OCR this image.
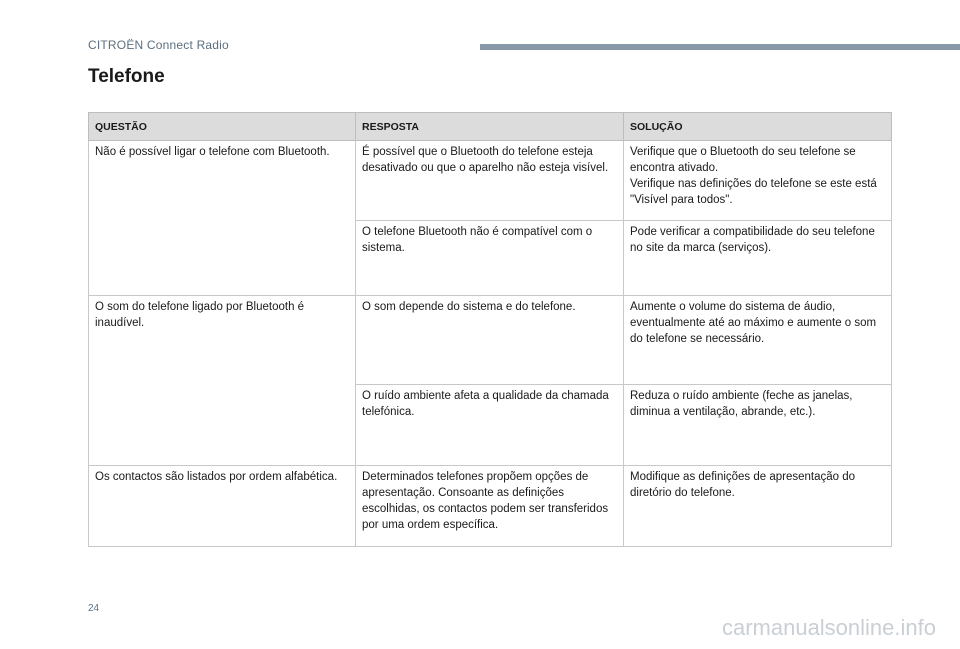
CITROËN Connect Radio
Telefone
QUESTÃO	RESPOSTA	SOLUÇÃO
Não é possível ligar o telefone com Bluetooth.	É possível que o Bluetooth do telefone esteja desativado ou que o aparelho não esteja visível.	Verifique que o Bluetooth do seu telefone se encontra ativado.
Verifique nas definições do telefone se este está "Visível para todos".
	O telefone Bluetooth não é compatível com o sistema.	Pode verificar a compatibilidade do seu telefone no site da marca (serviços).
O som do telefone ligado por Bluetooth é inaudível.	O som depende do sistema e do telefone.	Aumente o volume do sistema de áudio, eventualmente até ao máximo e aumente o som do telefone se necessário.
	O ruído ambiente afeta a qualidade da chamada telefónica.	Reduza o ruído ambiente (feche as janelas, diminua a ventilação, abrande, etc.).
Os contactos são listados por ordem alfabética.	Determinados telefones propõem opções de apresentação. Consoante as definições escolhidas, os contactos podem ser transferidos por uma ordem específica.	Modifique as definições de apresentação do diretório do telefone.
24
carmanualsonline.info
